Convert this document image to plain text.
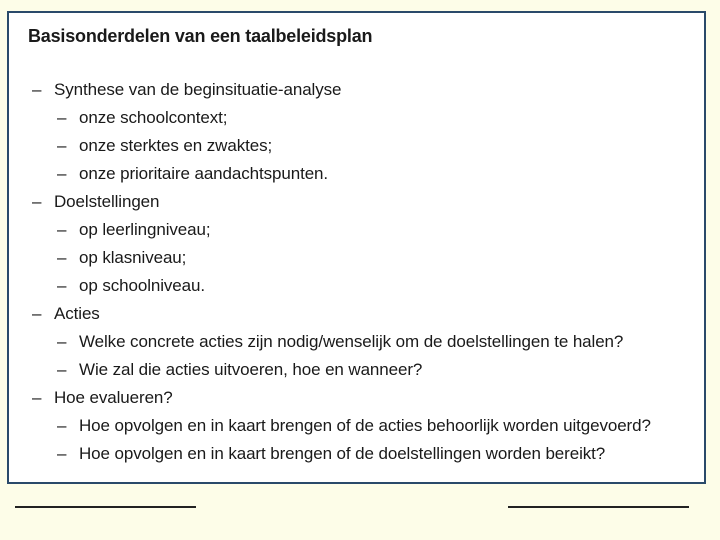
Basisonderdelen van een taalbeleidsplan
– Synthese van de beginsituatie-analyse
– onze schoolcontext;
– onze sterktes en zwaktes;
– onze prioritaire aandachtspunten.
– Doelstellingen
– op leerlingniveau;
– op klasniveau;
– op schoolniveau.
– Acties
– Welke concrete acties zijn nodig/wenselijk om de doelstellingen te halen?
– Wie zal die acties uitvoeren, hoe en wanneer?
– Hoe evalueren?
– Hoe opvolgen en in kaart brengen of de acties behoorlijk worden uitgevoerd?
– Hoe opvolgen en in kaart brengen of de doelstellingen worden bereikt?
